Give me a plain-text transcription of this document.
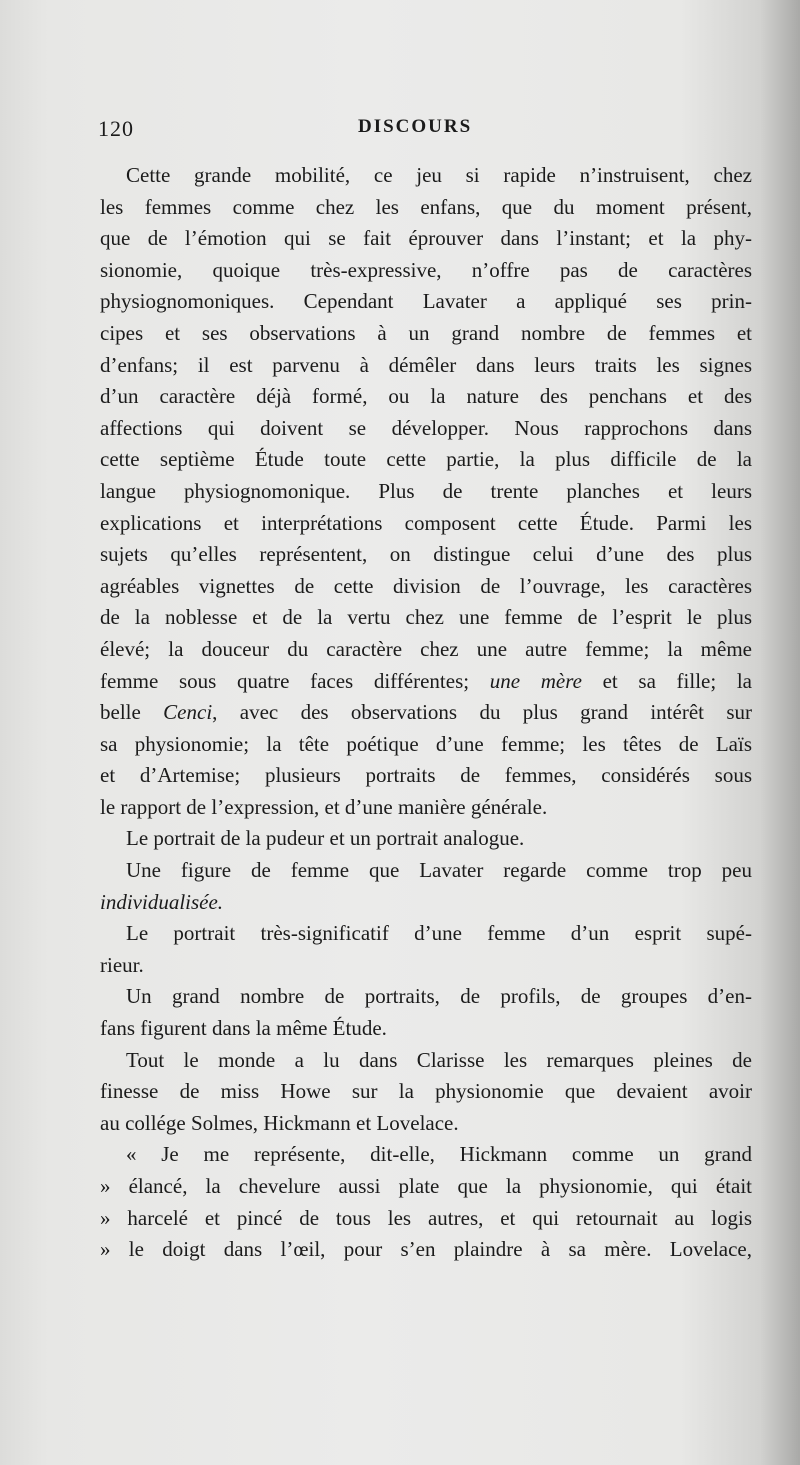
120	DISCOURS
Cette grande mobilité, ce jeu si rapide n’instruisent, chez
les femmes comme chez les enfans, que du moment présent,
que de l’émotion qui se fait éprouver dans l’instant; et la phy-
sionomie, quoique très-expressive, n’offre pas de caractères
physiognomoniques. Cependant Lavater a appliqué ses prin-
cipes et ses observations à un grand nombre de femmes et
d’enfans; il est parvenu à démêler dans leurs traits les signes
d’un caractère déjà formé, ou la nature des penchans et des
affections qui doivent se développer. Nous rapprochons dans
cette septième Étude toute cette partie, la plus difficile de la
langue physiognomonique. Plus de trente planches et leurs
explications et interprétations composent cette Étude. Parmi les
sujets qu’elles représentent, on distingue celui d’une des plus
agréables vignettes de cette division de l’ouvrage, les caractères
de la noblesse et de la vertu chez une femme de l’esprit le plus
élevé; la douceur du caractère chez une autre femme; la même
femme sous quatre faces différentes; une mère et sa fille; la
belle Cenci, avec des observations du plus grand intérêt sur
sa physionomie; la tête poétique d’une femme; les têtes de Laïs
et d’Artemise; plusieurs portraits de femmes, considérés sous
le rapport de l’expression, et d’une manière générale.
Le portrait de la pudeur et un portrait analogue.
Une figure de femme que Lavater regarde comme trop peu
individualisée.
Le portrait très-significatif d’une femme d’un esprit supé-
rieur.
Un grand nombre de portraits, de profils, de groupes d’en-
fans figurent dans la même Étude.
Tout le monde a lu dans Clarisse les remarques pleines de
finesse de miss Howe sur la physionomie que devaient avoir
au collége Solmes, Hickmann et Lovelace.
« Je me représente, dit-elle, Hickmann comme un grand
» élancé, la chevelure aussi plate que la physionomie, qui était
» harcelé et pincé de tous les autres, et qui retournait au logis
» le doigt dans l’œil, pour s’en plaindre à sa mère. Lovelace,
